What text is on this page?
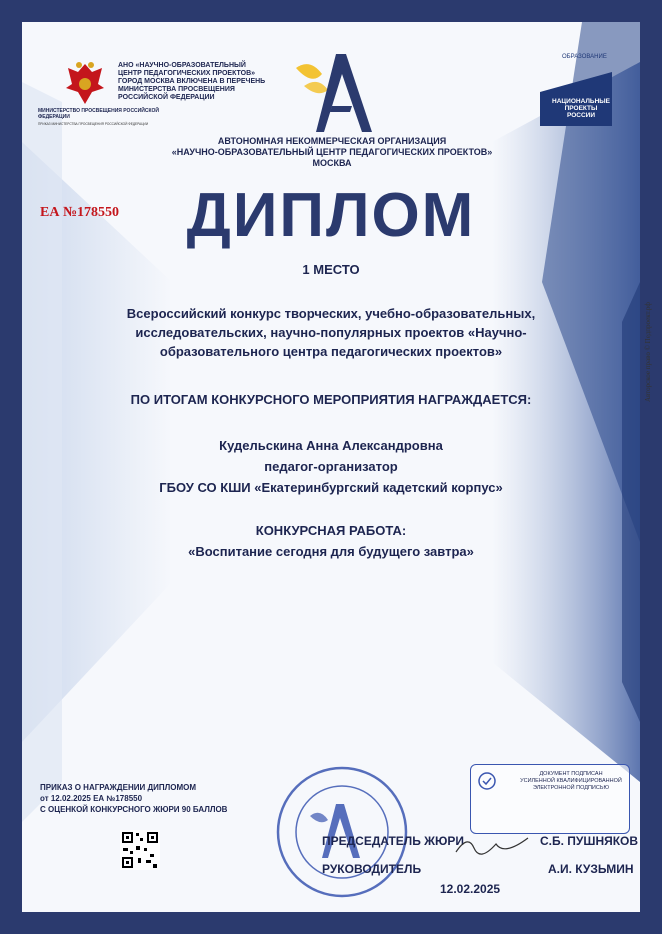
АНО «НАУЧНО-ОБРАЗОВАТЕЛЬНЫЙ ЦЕНТР ПЕДАГОГИЧЕСКИХ ПРОЕКТОВ» ГОРОД МОСКВА ВКЛЮЧЕНА В ПЕРЕЧЕНЬ МИНИСТЕРСТВА ПРОСВЕЩЕНИЯ РОССИЙСКОЙ ФЕДЕРАЦИИ
МИНИСТЕРСТВО ПРОСВЕЩЕНИЯ РОССИЙСКОЙ ФЕДЕРАЦИИ
ПРИКАЗ МИНИСТЕРСТВА ПРОСВЕЩЕНИЯ РОССИЙСКОЙ ФЕДЕРАЦИИ
АВТОНОМНАЯ НЕКОММЕРЧЕСКАЯ ОРГАНИЗАЦИЯ
«НАУЧНО-ОБРАЗОВАТЕЛЬНЫЙ ЦЕНТР ПЕДАГОГИЧЕСКИХ ПРОЕКТОВ»
МОСКВА
ОБРАЗОВАНИЕ
НАЦИОНАЛЬНЫЕ
ПРОЕКТЫ
РОССИИ
ЕА №178550	ДИПЛОМ
1 МЕСТО
Всероссийский конкурс творческих, учебно-образовательных,
исследовательских, научно-популярных проектов «Научно-
образовательного центра педагогических проектов»
ПО ИТОГАМ КОНКУРСНОГО МЕРОПРИЯТИЯ НАГРАЖДАЕТСЯ:
Кудельскина Анна Александровна
педагог-организатор
ГБОУ СО КШИ «Екатеринбургский кадетский корпус»
КОНКУРСНАЯ РАБОТА:
«Воспитание сегодня для будущего завтра»
Авторское право © Педпроект.рф
ПРИКАЗ О НАГРАЖДЕНИИ ДИПЛОМОМ
от 12.02.2025 ЕА №178550
С ОЦЕНКОЙ КОНКУРСНОГО ЖЮРИ 90 БАЛЛОВ
ДОКУМЕНТ ПОДПИСАН
УСИЛЕННОЙ КВАЛИФИЦИРОВАННОЙ
ЭЛЕКТРОННОЙ ПОДПИСЬЮ
ПРЕДСЕДАТЕЛЬ ЖЮРИ	С.Б. ПУШНЯКОВ
РУКОВОДИТЕЛЬ	А.И. КУЗЬМИН
12.02.2025
